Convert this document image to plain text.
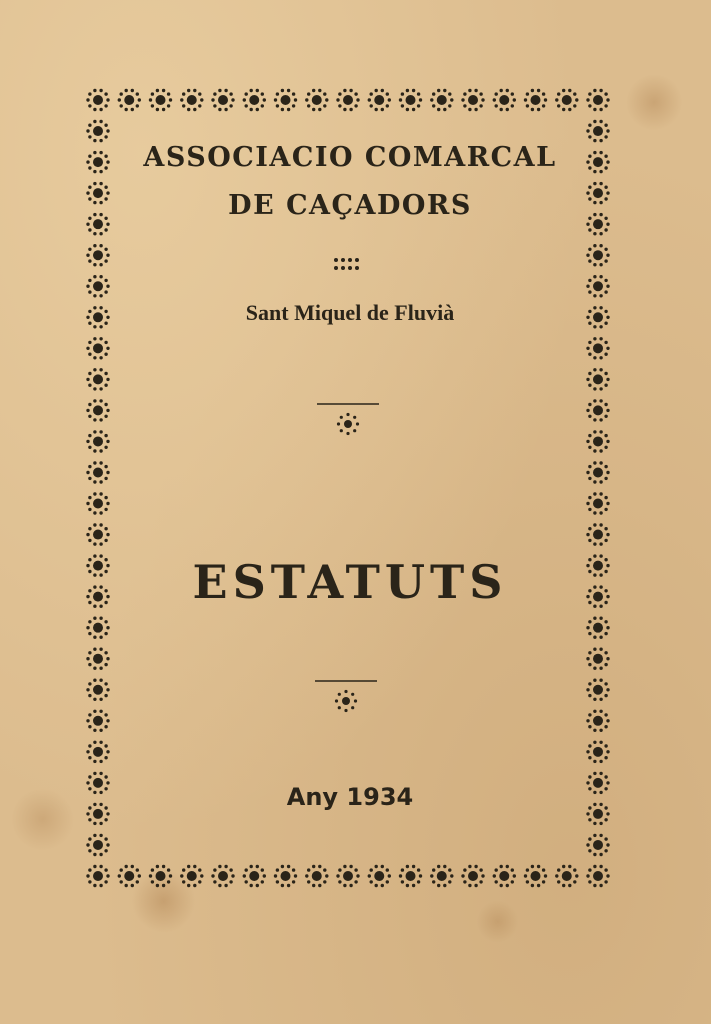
ASSOCIACIO COMARCAL
DE CAÇADORS

Sant Miquel de Fluvià

ESTATUTS

Any 1934
